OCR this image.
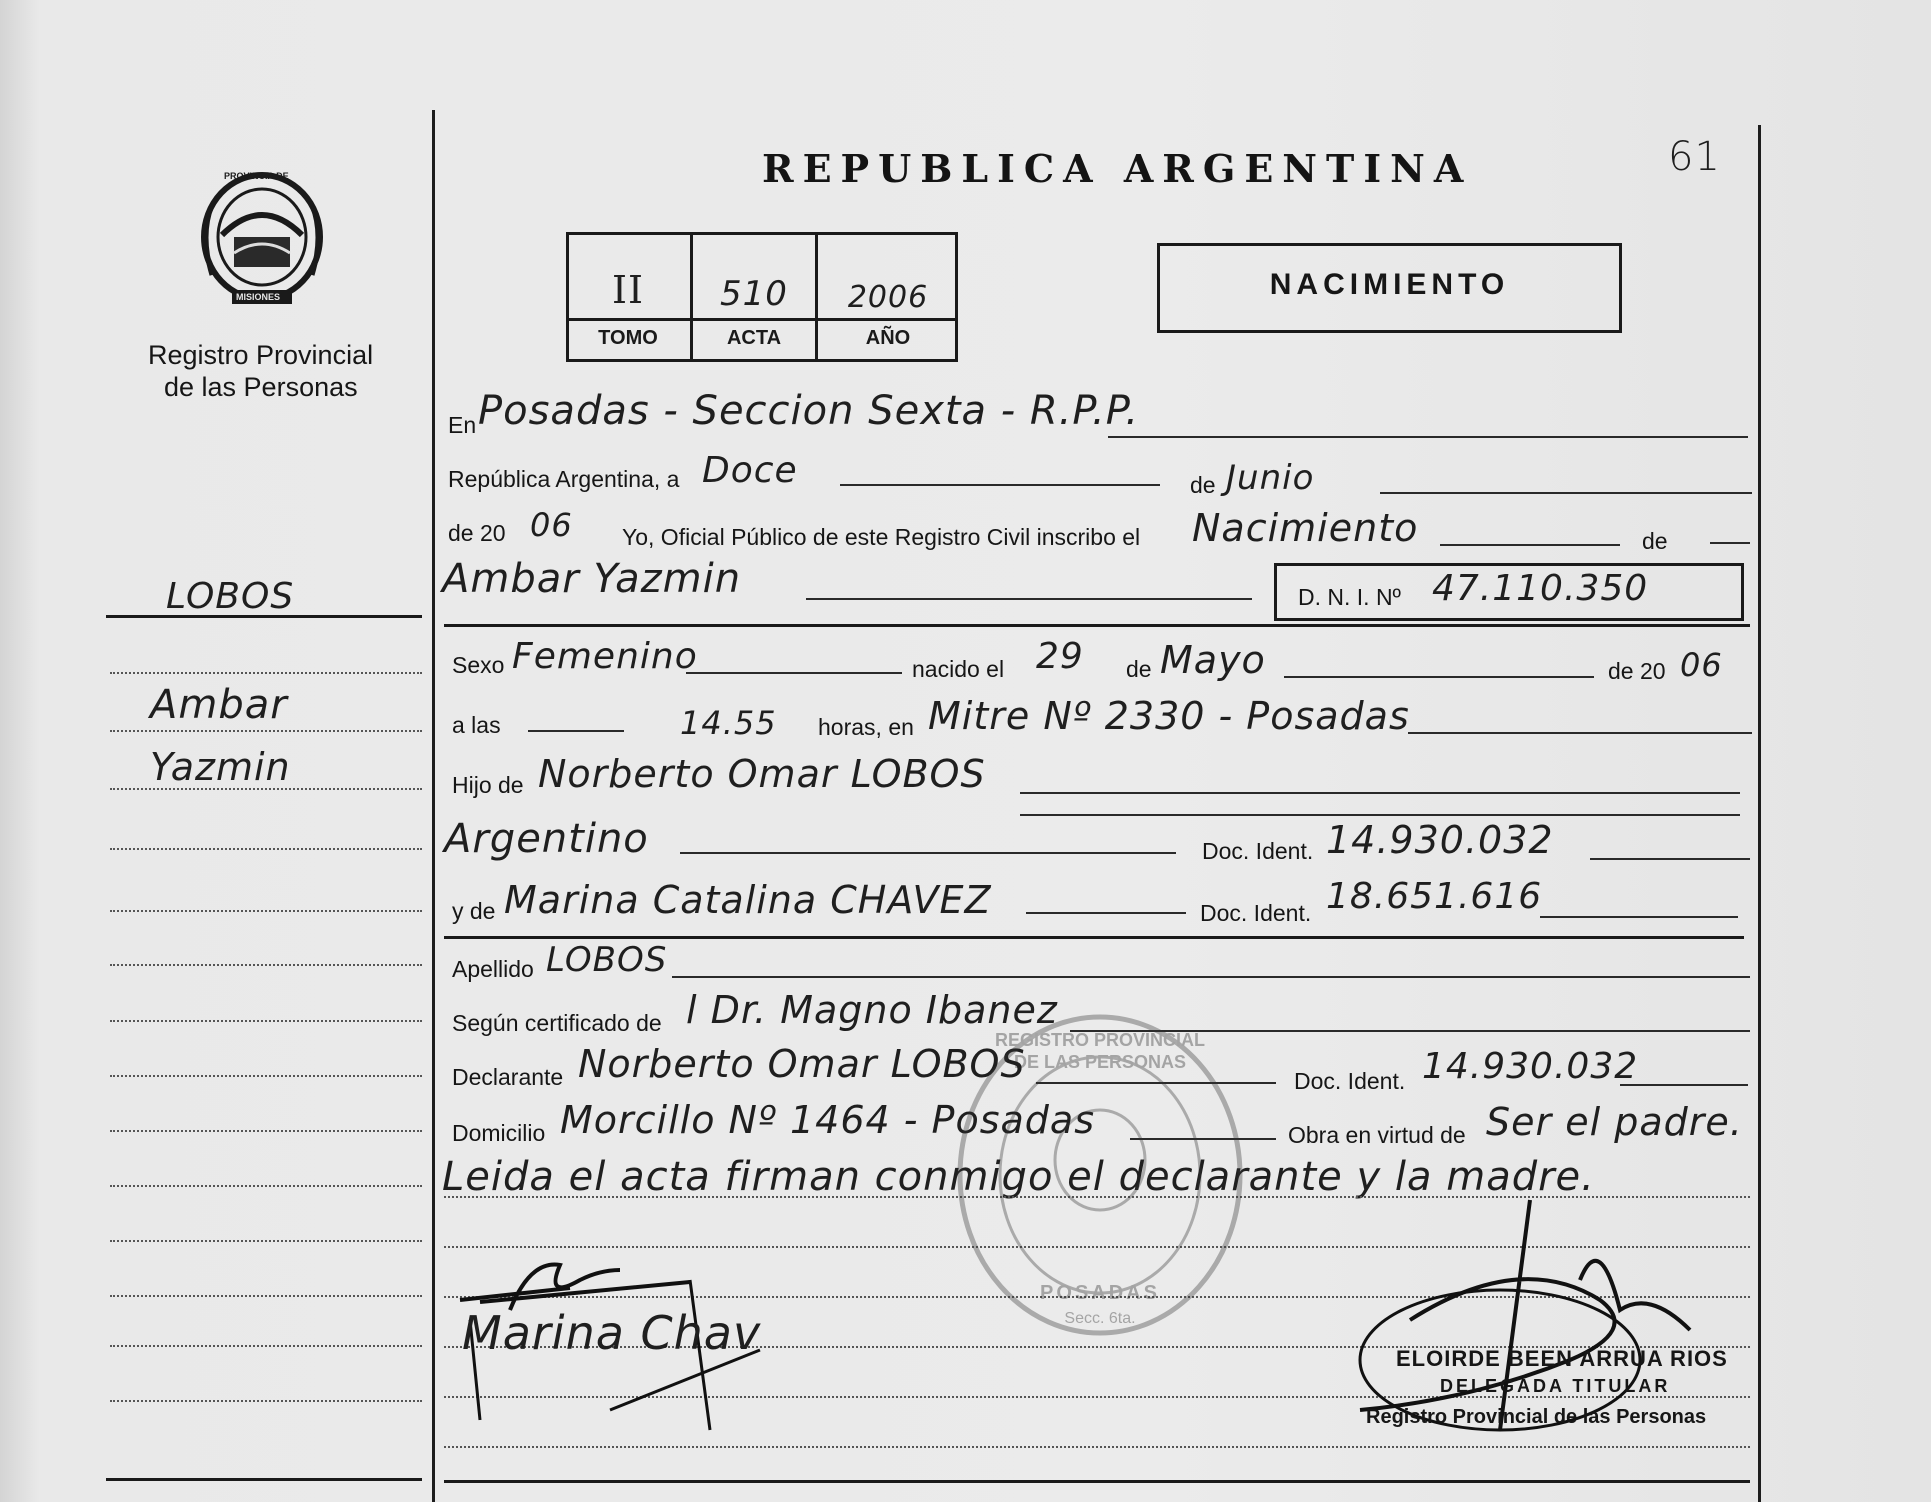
PROVINCIA DE
MISIONES
Registro Provincial
de las Personas
REPUBLICA ARGENTINA	61
II	510	2006
TOMO	ACTA	AÑO
NACIMIENTO
LOBOS
Ambar
Yazmin
En Posadas - Seccion Sexta - R.P.P.
República Argentina, a Doce	de Junio
de 20 06 Yo, Oficial Público de este Registro Civil inscribo el Nacimiento	de
Ambar Yazmin	D. N. I. Nº 47.110.350
Sexo Femenino	nacido el 29 de Mayo	de 20 06
a las	14.55 horas, en Mitre Nº 2330 - Posadas
Hijo de Norberto Omar LOBOS
Argentino	Doc. Ident. 14.930.032
y de Marina Catalina CHAVEZ	Doc. Ident. 18.651.616
Apellido LOBOS
Según certificado de l Dr. Magno Ibanez
Declarante Norberto Omar LOBOS	Doc. Ident. 14.930.032
Domicilio Morcillo Nº 1464 - Posadas	Obra en virtud de Ser el padre.
Leida el acta firman conmigo el declarante y la madre.
REGISTRO PROVINCIAL DE LAS PERSONAS
POSADAS
Secc. 6ta.
Marina Chav	ELOIRDE BEEN ARRUA RIOS
DELEGADA TITULAR
Registro Provincial de las Personas
